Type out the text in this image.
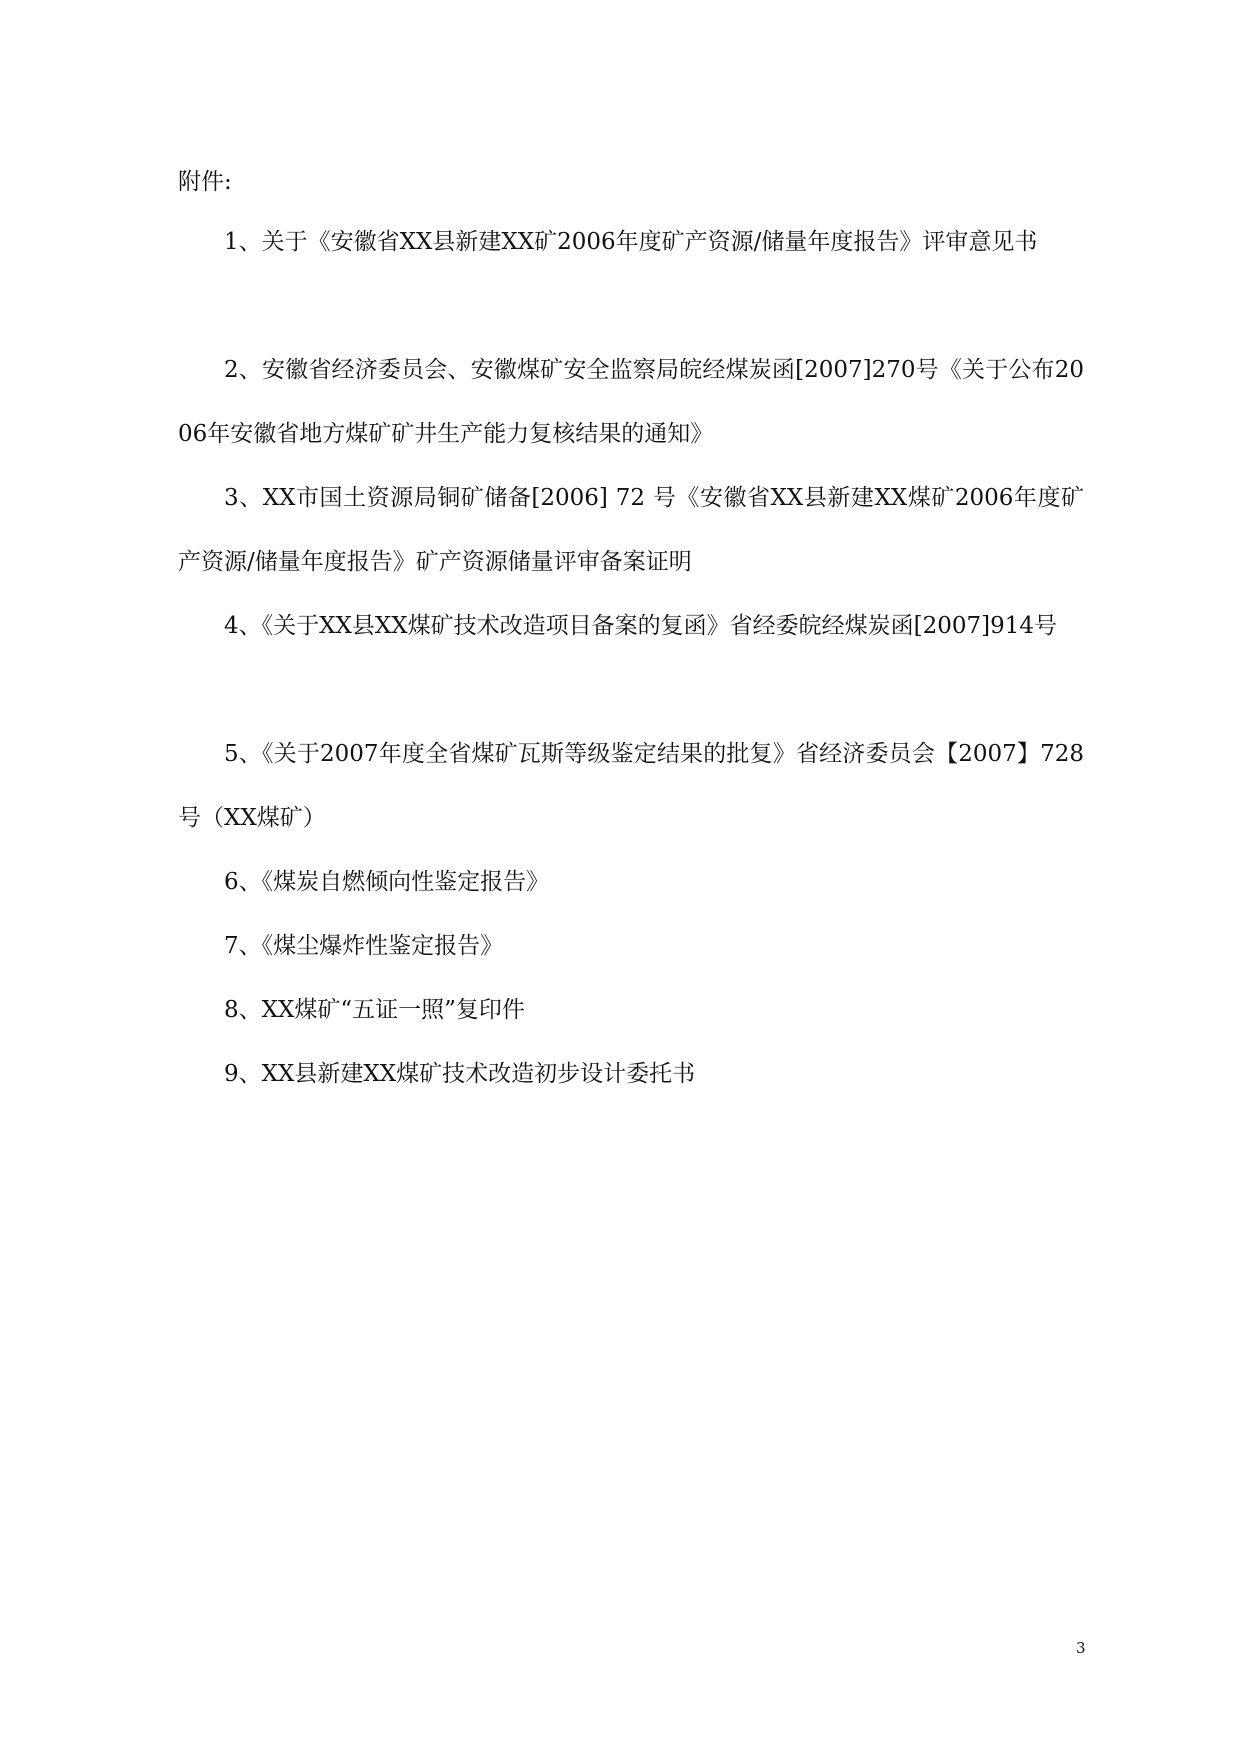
附件:
1、关于《安徽省XX县新建XX矿2006年度矿产资源/储量年度报告》评审意见书
2、安徽省经济委员会、安徽煤矿安全监察局皖经煤炭函[2007]270号《关于公布2006年安徽省地方煤矿矿井生产能力复核结果的通知》
3、XX市国土资源局铜矿储备[2006] 72 号《安徽省XX县新建XX煤矿2006年度矿产资源/储量年度报告》矿产资源储量评审备案证明
4、《关于XX县XX煤矿技术改造项目备案的复函》省经委皖经煤炭函[2007]914号
5、《关于2007年度全省煤矿瓦斯等级鉴定结果的批复》省经济委员会【2007】728号（XX煤矿）
6、《煤炭自燃倾向性鉴定报告》
7、《煤尘爆炸性鉴定报告》
8、XX煤矿“五证一照”复印件
9、XX县新建XX煤矿技术改造初步设计委托书
3
